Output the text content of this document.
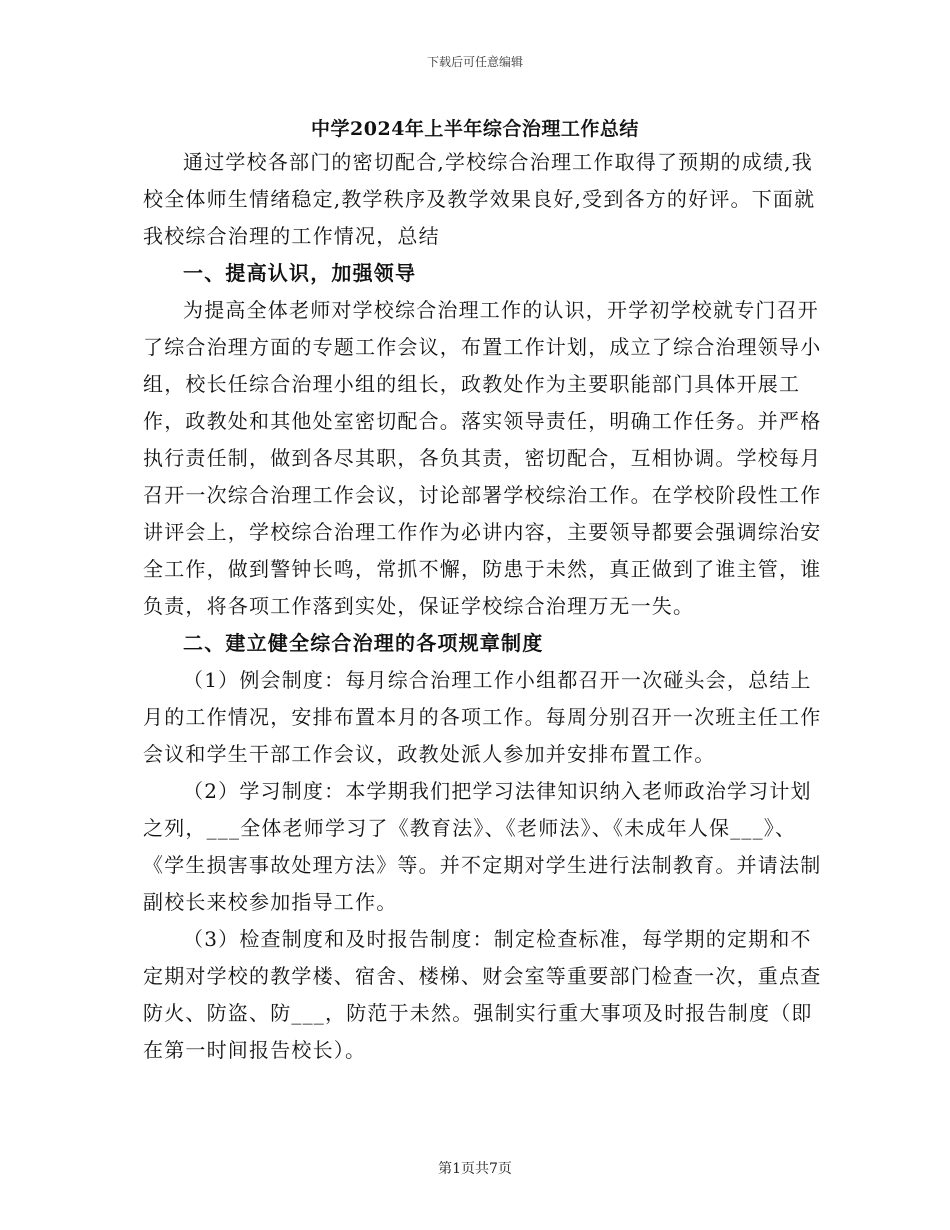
下载后可任意编辑
中学2024年上半年综合治理工作总结

通过学校各部门的密切配合,学校综合治理工作取得了预期的成绩,我校全体师生情绪稳定,教学秩序及教学效果良好,受到各方的好评。下面就我校综合治理的工作情况，总结

一、提高认识，加强领导

为提高全体老师对学校综合治理工作的认识，开学初学校就专门召开了综合治理方面的专题工作会议，布置工作计划，成立了综合治理领导小组，校长任综合治理小组的组长，政教处作为主要职能部门具体开展工作，政教处和其他处室密切配合。落实领导责任，明确工作任务。并严格执行责任制，做到各尽其职，各负其责，密切配合，互相协调。学校每月召开一次综合治理工作会议，讨论部署学校综治工作。在学校阶段性工作讲评会上，学校综合治理工作作为必讲内容，主要领导都要会强调综治安全工作，做到警钟长鸣，常抓不懈，防患于未然，真正做到了谁主管，谁负责，将各项工作落到实处，保证学校综合治理万无一失。

二、建立健全综合治理的各项规章制度

（1）例会制度：每月综合治理工作小组都召开一次碰头会，总结上月的工作情况，安排布置本月的各项工作。每周分别召开一次班主任工作会议和学生干部工作会议，政教处派人参加并安排布置工作。

（2）学习制度：本学期我们把学习法律知识纳入老师政治学习计划之列，___全体老师学习了《教育法》、《老师法》、《未成年人保___》、《学生损害事故处理方法》等。并不定期对学生进行法制教育。并请法制副校长来校参加指导工作。

（3）检查制度和及时报告制度：制定检查标准，每学期的定期和不定期对学校的教学楼、宿舍、楼梯、财会室等重要部门检查一次，重点查防火、防盗、防___，防范于未然。强制实行重大事项及时报告制度（即在第一时间报告校长）。

第1页共7页
